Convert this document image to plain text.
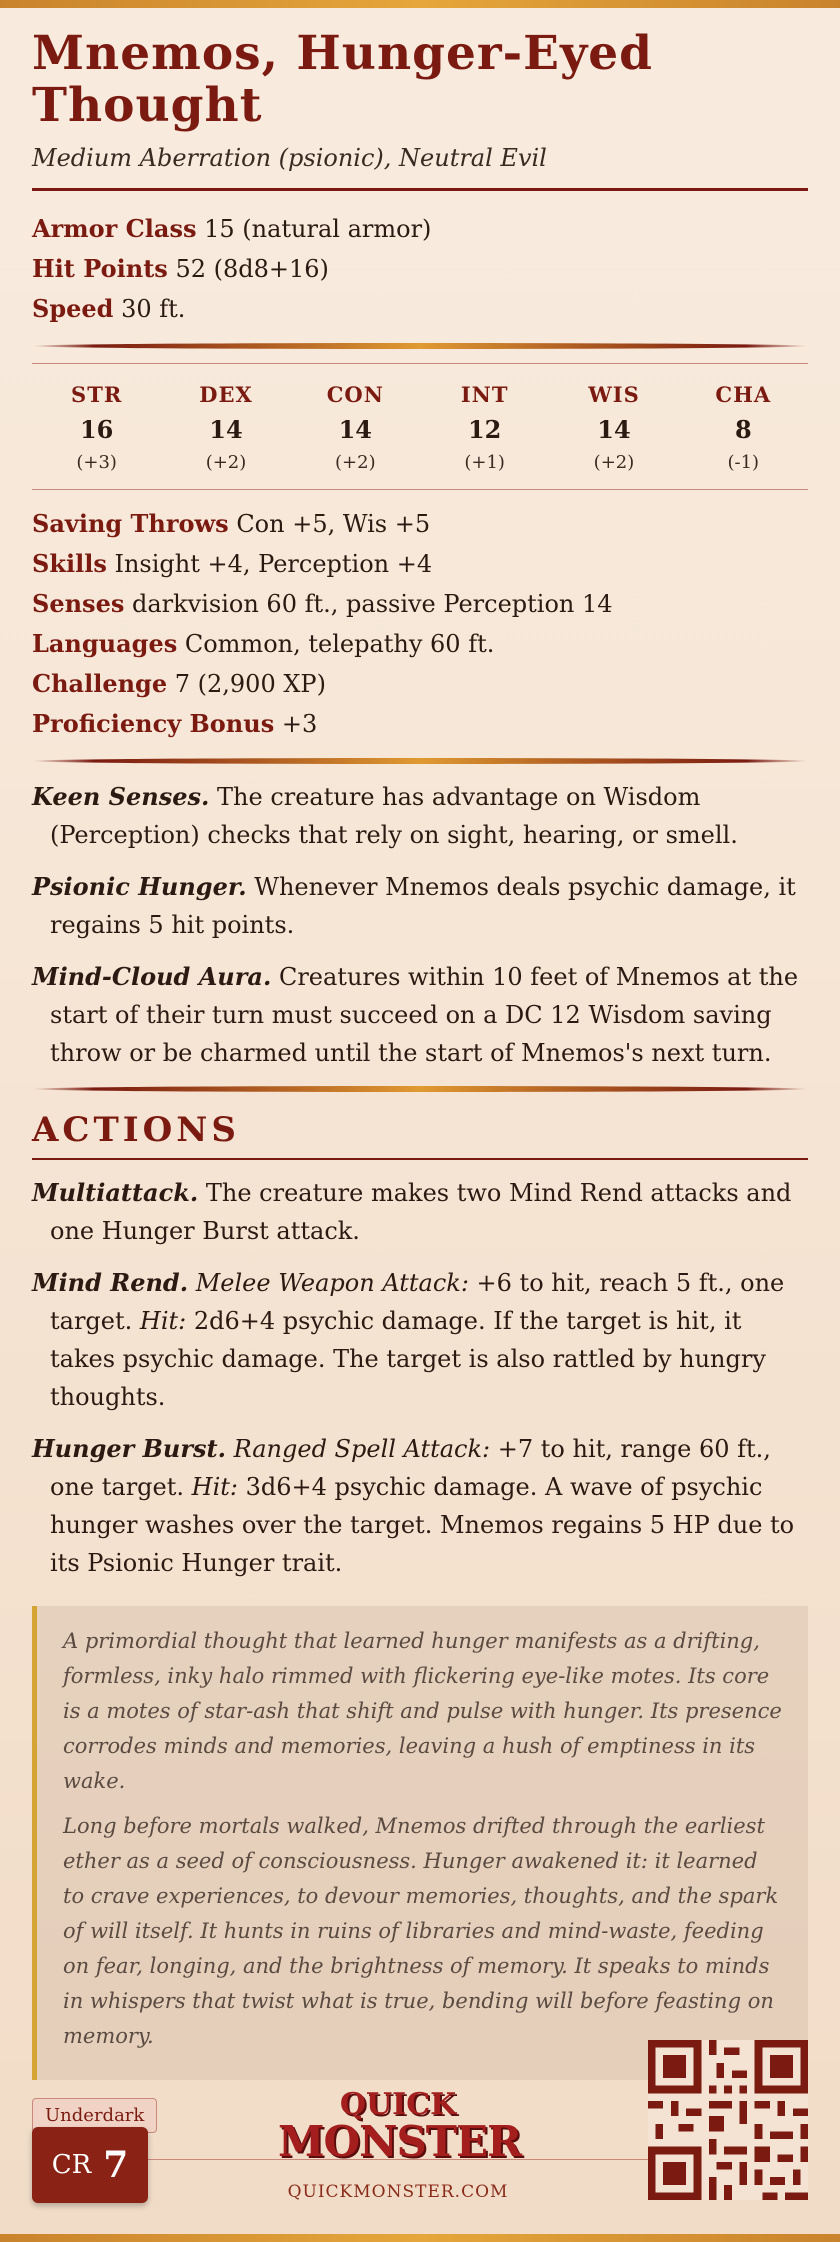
Mnemos, Hunger-Eyed
Thought
Medium Aberration (psionic), Neutral Evil
Armor Class 15 (natural armor)
Hit Points 52 (8d8+16)
Speed 30 ft.
STR
16
(+3)
DEX
14
(+2)
CON
14
(+2)
INT
12
(+1)
WIS
14
(+2)
CHA
8
(-1)
Saving Throws Con +5, Wis +5
Skills Insight +4, Perception +4
Senses darkvision 60 ft., passive Perception 14
Languages Common, telepathy 60 ft.
Challenge 7 (2,900 XP)
Proficiency Bonus +3
Keen Senses. The creature has advantage on Wisdom (Perception) checks that rely on sight, hearing, or smell.
Psionic Hunger. Whenever Mnemos deals psychic damage, it regains 5 hit points.
Mind-Cloud Aura. Creatures within 10 feet of Mnemos at the start of their turn must succeed on a DC 12 Wisdom saving throw or be charmed until the start of Mnemos's next turn.
ACTIONS
Multiattack. The creature makes two Mind Rend attacks and one Hunger Burst attack.
Mind Rend. Melee Weapon Attack: +6 to hit, reach 5 ft., one target. Hit: 2d6+4 psychic damage. If the target is hit, it takes psychic damage. The target is also rattled by hungry thoughts.
Hunger Burst. Ranged Spell Attack: +7 to hit, range 60 ft., one target. Hit: 3d6+4 psychic damage. A wave of psychic hunger washes over the target. Mnemos regains 5 HP due to its Psionic Hunger trait.

A primordial thought that learned hunger manifests as a drifting, formless, inky halo rimmed with flickering eye-like motes. Its core is a motes of star-ash that shift and pulse with hunger. Its presence corrodes minds and memories, leaving a hush of emptiness in its wake.

Long before mortals walked, Mnemos drifted through the earliest ether as a seed of consciousness. Hunger awakened it: it learned to crave experiences, to devour memories, thoughts, and the spark of will itself. It hunts in ruins of libraries and mind-waste, feeding on fear, longing, and the brightness of memory. It speaks to minds in whispers that twist what is true, bending will before feasting on memory.

Underdark
CR 7
QUICK
MONSTER
QUICKMONSTER.COM
